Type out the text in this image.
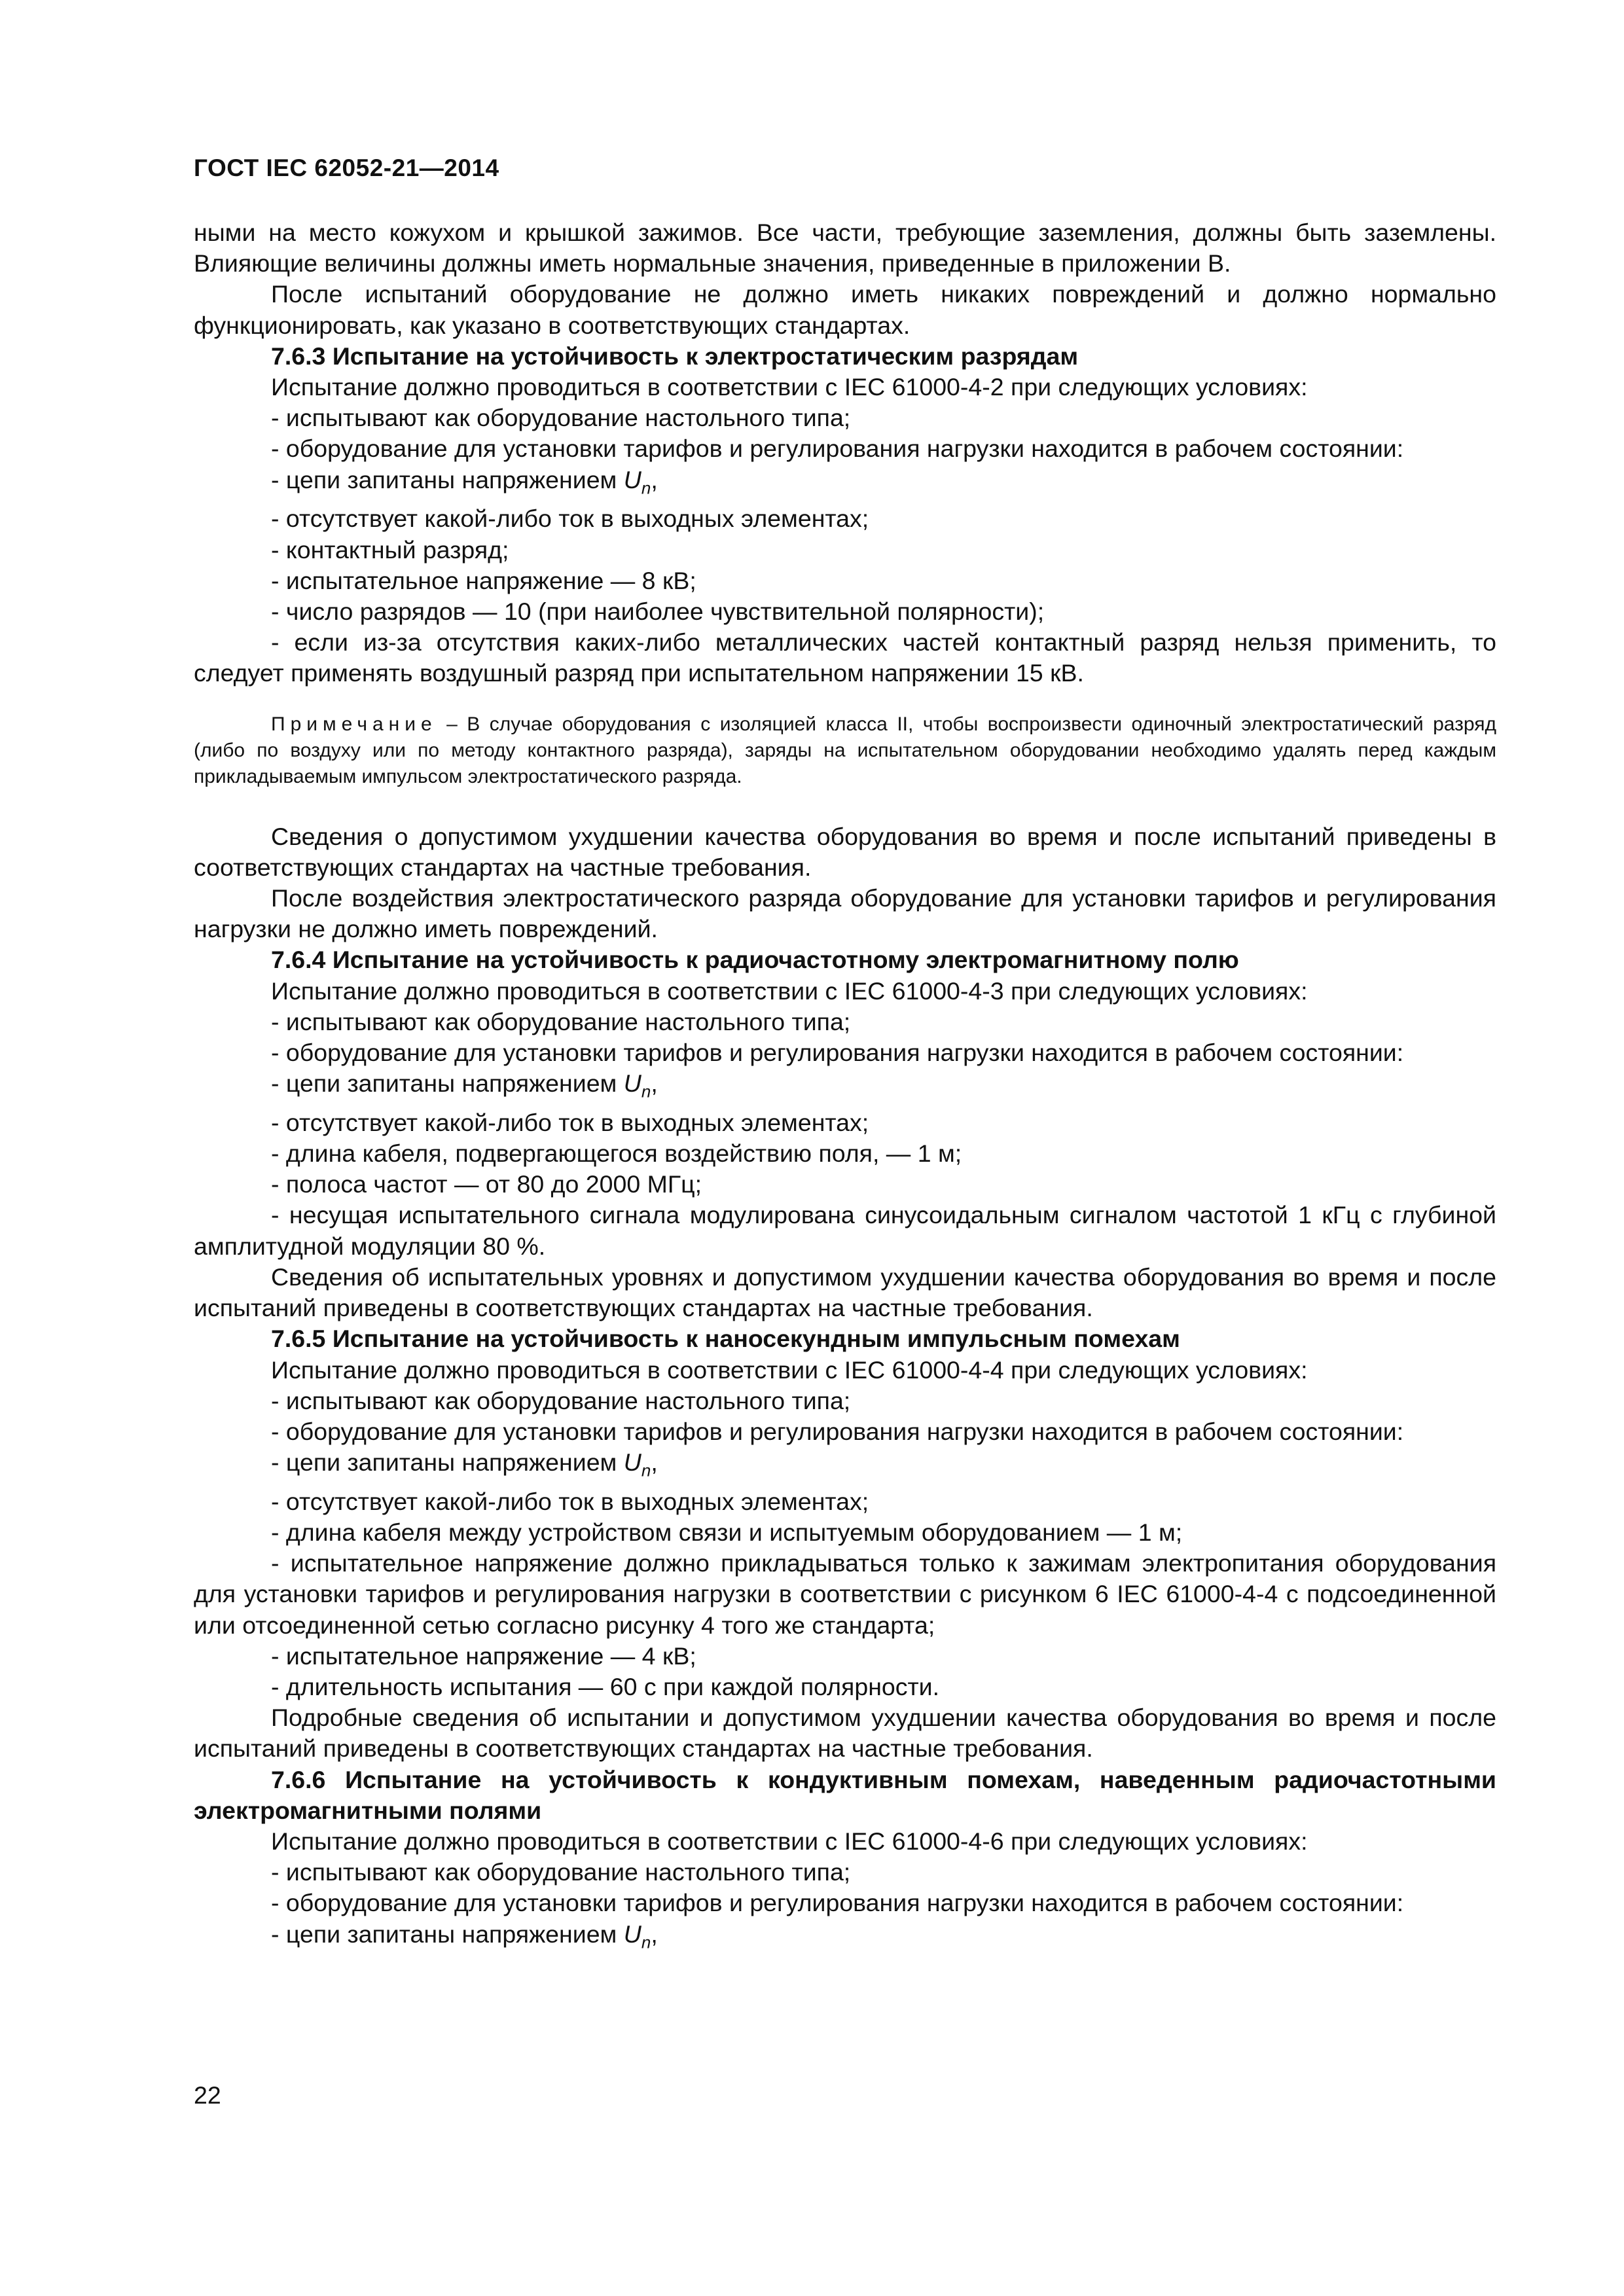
ГОСТ IEC 62052-21—2014

ными на место кожухом и крышкой зажимов. Все части, требующие заземления, должны быть заземлены. Влияющие величины должны иметь нормальные значения, приведенные в приложении В.

После испытаний оборудование не должно иметь никаких повреждений и должно нормально функционировать, как указано в соответствующих стандартах.

7.6.3 Испытание на устойчивость к электростатическим разрядам

Испытание должно проводиться в соответствии с IEC 61000-4-2 при следующих условиях:

- испытывают как оборудование настольного типа;

- оборудование для установки тарифов и регулирования нагрузки находится в рабочем состоянии:

- цепи запитаны напряжением $U_n$,

- отсутствует какой-либо ток в выходных элементах;

- контактный разряд;

- испытательное напряжение — 8 кВ;

- число разрядов — 10 (при наиболее чувствительной полярности);

- если из-за отсутствия каких-либо металлических частей контактный разряд нельзя применить, то следует применять воздушный разряд при испытательном напряжении 15 кВ.

Примечание – В случае оборудования с изоляцией класса II, чтобы воспроизвести одиночный электростатический разряд (либо по воздуху или по методу контактного разряда), заряды на испытательном оборудовании необходимо удалять перед каждым прикладываемым импульсом электростатического разряда.

Сведения о допустимом ухудшении качества оборудования во время и после испытаний приведены в соответствующих стандартах на частные требования.

После воздействия электростатического разряда оборудование для установки тарифов и регулирования нагрузки не должно иметь повреждений.

7.6.4 Испытание на устойчивость к радиочастотному электромагнитному полю

Испытание должно проводиться в соответствии с IEC 61000-4-3 при следующих условиях:

- испытывают как оборудование настольного типа;

- оборудование для установки тарифов и регулирования нагрузки находится в рабочем состоянии:

- цепи запитаны напряжением $U_n$,

- отсутствует какой-либо ток в выходных элементах;

- длина кабеля, подвергающегося воздействию поля, — 1 м;

- полоса частот — от 80 до 2000 МГц;

- несущая испытательного сигнала модулирована синусоидальным сигналом частотой 1 кГц с глубиной амплитудной модуляции 80 %.

Сведения об испытательных уровнях и допустимом ухудшении качества оборудования во время и после испытаний приведены в соответствующих стандартах на частные требования.

7.6.5 Испытание на устойчивость к наносекундным импульсным помехам

Испытание должно проводиться в соответствии с IEC 61000-4-4 при следующих условиях:

- испытывают как оборудование настольного типа;

- оборудование для установки тарифов и регулирования нагрузки находится в рабочем состоянии:

- цепи запитаны напряжением $U_n$,

- отсутствует какой-либо ток в выходных элементах;

- длина кабеля между устройством связи и испытуемым оборудованием — 1 м;

- испытательное напряжение должно прикладываться только к зажимам электропитания оборудования для установки тарифов и регулирования нагрузки в соответствии с рисунком 6 IEC 61000-4-4 с подсоединенной или отсоединенной сетью согласно рисунку 4 того же стандарта;

- испытательное напряжение — 4 кВ;

- длительность испытания — 60 с при каждой полярности.

Подробные сведения об испытании и допустимом ухудшении качества оборудования во время и после испытаний приведены в соответствующих стандартах на частные требования.

7.6.6 Испытание на устойчивость к кондуктивным помехам, наведенным радиочастотными электромагнитными полями

Испытание должно проводиться в соответствии с IEC 61000-4-6 при следующих условиях:

- испытывают как оборудование настольного типа;

- оборудование для установки тарифов и регулирования нагрузки находится в рабочем состоянии:

- цепи запитаны напряжением $U_n$,

22
